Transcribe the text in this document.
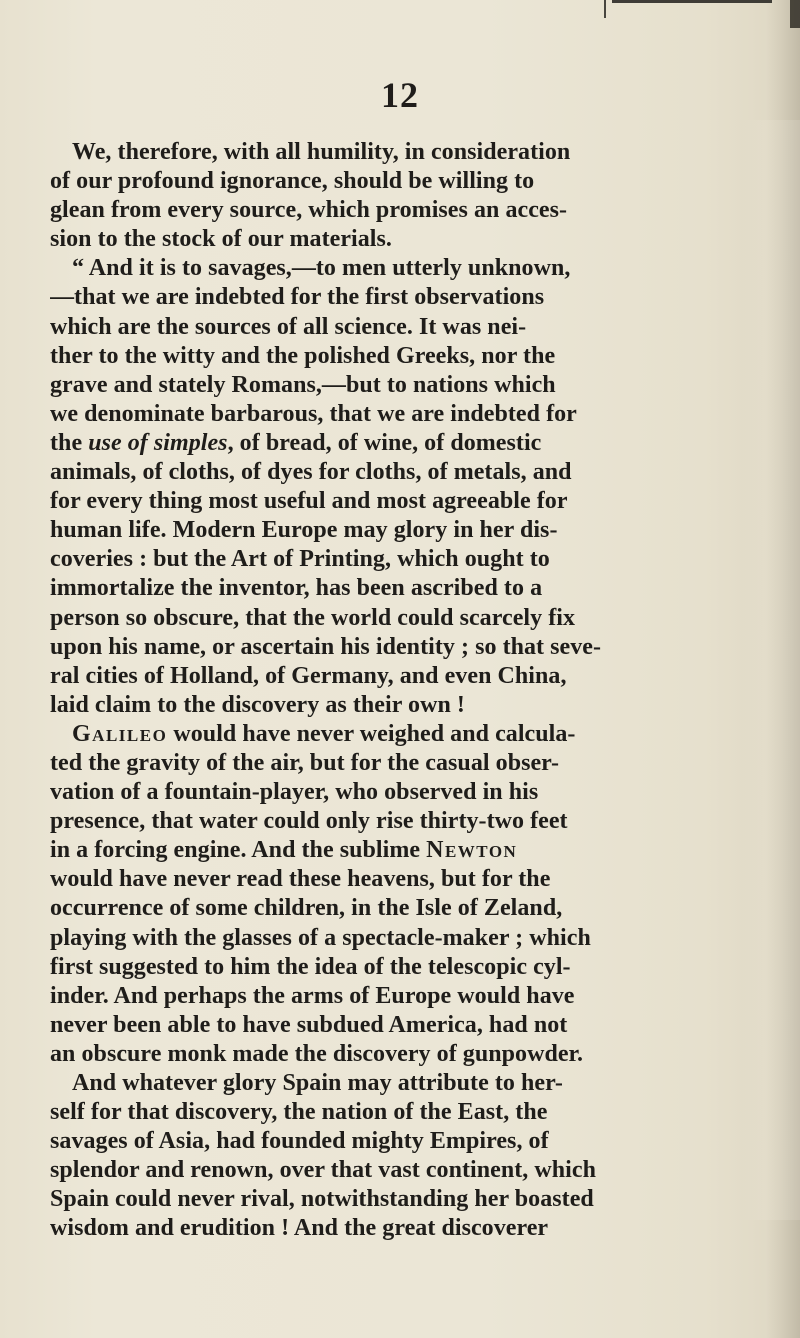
12
We, therefore, with all humility, in consideration
of our profound ignorance, should be willing to
glean from every source, which promises an acces-
sion to the stock of our materials.
“ And it is to savages,—to men utterly unknown,
—that we are indebted for the first observations
which are the sources of all science. It was nei-
ther to the witty and the polished Greeks, nor the
grave and stately Romans,—but to nations which
we denominate barbarous, that we are indebted for
the use of simples, of bread, of wine, of domestic
animals, of cloths, of dyes for cloths, of metals, and
for every thing most useful and most agreeable for
human life. Modern Europe may glory in her dis-
coveries : but the Art of Printing, which ought to
immortalize the inventor, has been ascribed to a
person so obscure, that the world could scarcely fix
upon his name, or ascertain his identity ; so that seve-
ral cities of Holland, of Germany, and even China,
laid claim to the discovery as their own !
Galileo would have never weighed and calcula-
ted the gravity of the air, but for the casual obser-
vation of a fountain-player, who observed in his
presence, that water could only rise thirty-two feet
in a forcing engine. And the sublime Newton
would have never read these heavens, but for the
occurrence of some children, in the Isle of Zeland,
playing with the glasses of a spectacle-maker ; which
first suggested to him the idea of the telescopic cyl-
inder. And perhaps the arms of Europe would have
never been able to have subdued America, had not
an obscure monk made the discovery of gunpowder.
And whatever glory Spain may attribute to her-
self for that discovery, the nation of the East, the
savages of Asia, had founded mighty Empires, of
splendor and renown, over that vast continent, which
Spain could never rival, notwithstanding her boasted
wisdom and erudition ! And the great discoverer
